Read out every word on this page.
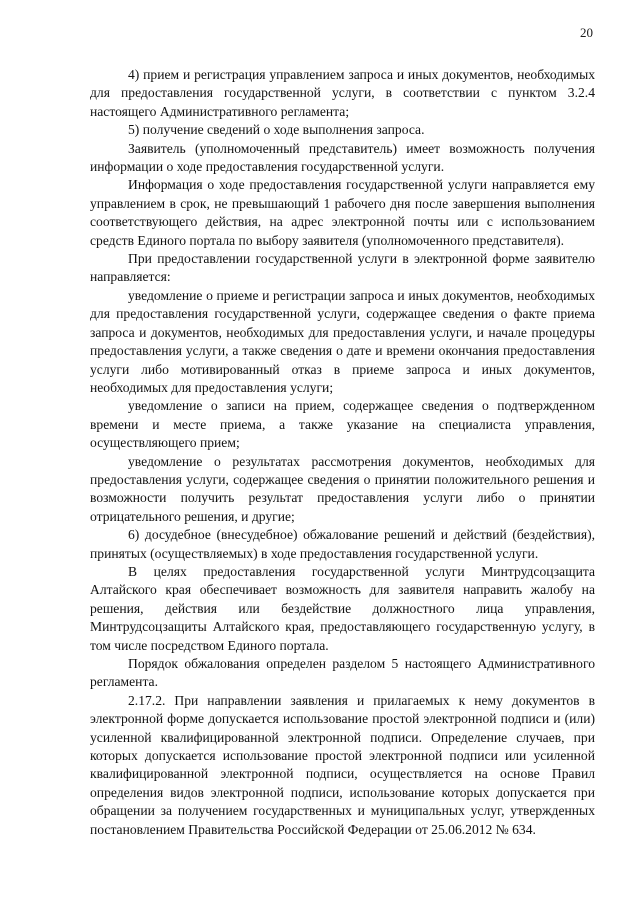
20

4) прием и регистрация управлением запроса и иных документов, необходимых для предоставления государственной услуги, в соответствии с пунктом 3.2.4 настоящего Административного регламента;

5) получение сведений о ходе выполнения запроса.

Заявитель (уполномоченный представитель) имеет возможность получения информации о ходе предоставления государственной услуги.

Информация о ходе предоставления государственной услуги направляется ему управлением в срок, не превышающий 1 рабочего дня после завершения выполнения соответствующего действия, на адрес электронной почты или с использованием средств Единого портала по выбору заявителя (уполномоченного представителя).

При предоставлении государственной услуги в электронной форме заявителю направляется:

уведомление о приеме и регистрации запроса и иных документов, необходимых для предоставления государственной услуги, содержащее сведения о факте приема запроса и документов, необходимых для предоставления услуги, и начале процедуры предоставления услуги, а также сведения о дате и времени окончания предоставления услуги либо мотивированный отказ в приеме запроса и иных документов, необходимых для предоставления услуги;

уведомление о записи на прием, содержащее сведения о подтвержденном времени и месте приема, а также указание на специалиста управления, осуществляющего прием;

уведомление о результатах рассмотрения документов, необходимых для предоставления услуги, содержащее сведения о принятии положительного решения и возможности получить результат предоставления услуги либо о принятии отрицательного решения, и другие;

6) досудебное (внесудебное) обжалование решений и действий (бездействия), принятых (осуществляемых) в ходе предоставления государственной услуги.

В целях предоставления государственной услуги Минтрудсоцзащита Алтайского края обеспечивает возможность для заявителя направить жалобу на решения, действия или бездействие должностного лица управления, Минтрудсоцзащиты Алтайского края, предоставляющего государственную услугу, в том числе посредством Единого портала.

Порядок обжалования определен разделом 5 настоящего Административного регламента.

2.17.2. При направлении заявления и прилагаемых к нему документов в электронной форме допускается использование простой электронной подписи и (или) усиленной квалифицированной электронной подписи. Определение случаев, при которых допускается использование простой электронной подписи или усиленной квалифицированной электронной подписи, осуществляется на основе Правил определения видов электронной подписи, использование которых допускается при обращении за получением государственных и муниципальных услуг, утвержденных постановлением Правительства Российской Федерации от 25.06.2012 № 634.
